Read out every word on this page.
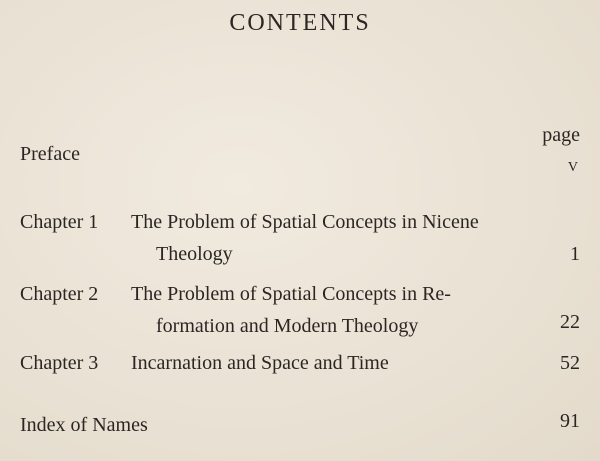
CONTENTS
page
Preface	v
Chapter 1 The Problem of Spatial Concepts in Nicene
Theology	1
Chapter 2 The Problem of Spatial Concepts in Re-
formation and Modern Theology	22
Chapter 3 Incarnation and Space and Time	52
Index of Names	91
